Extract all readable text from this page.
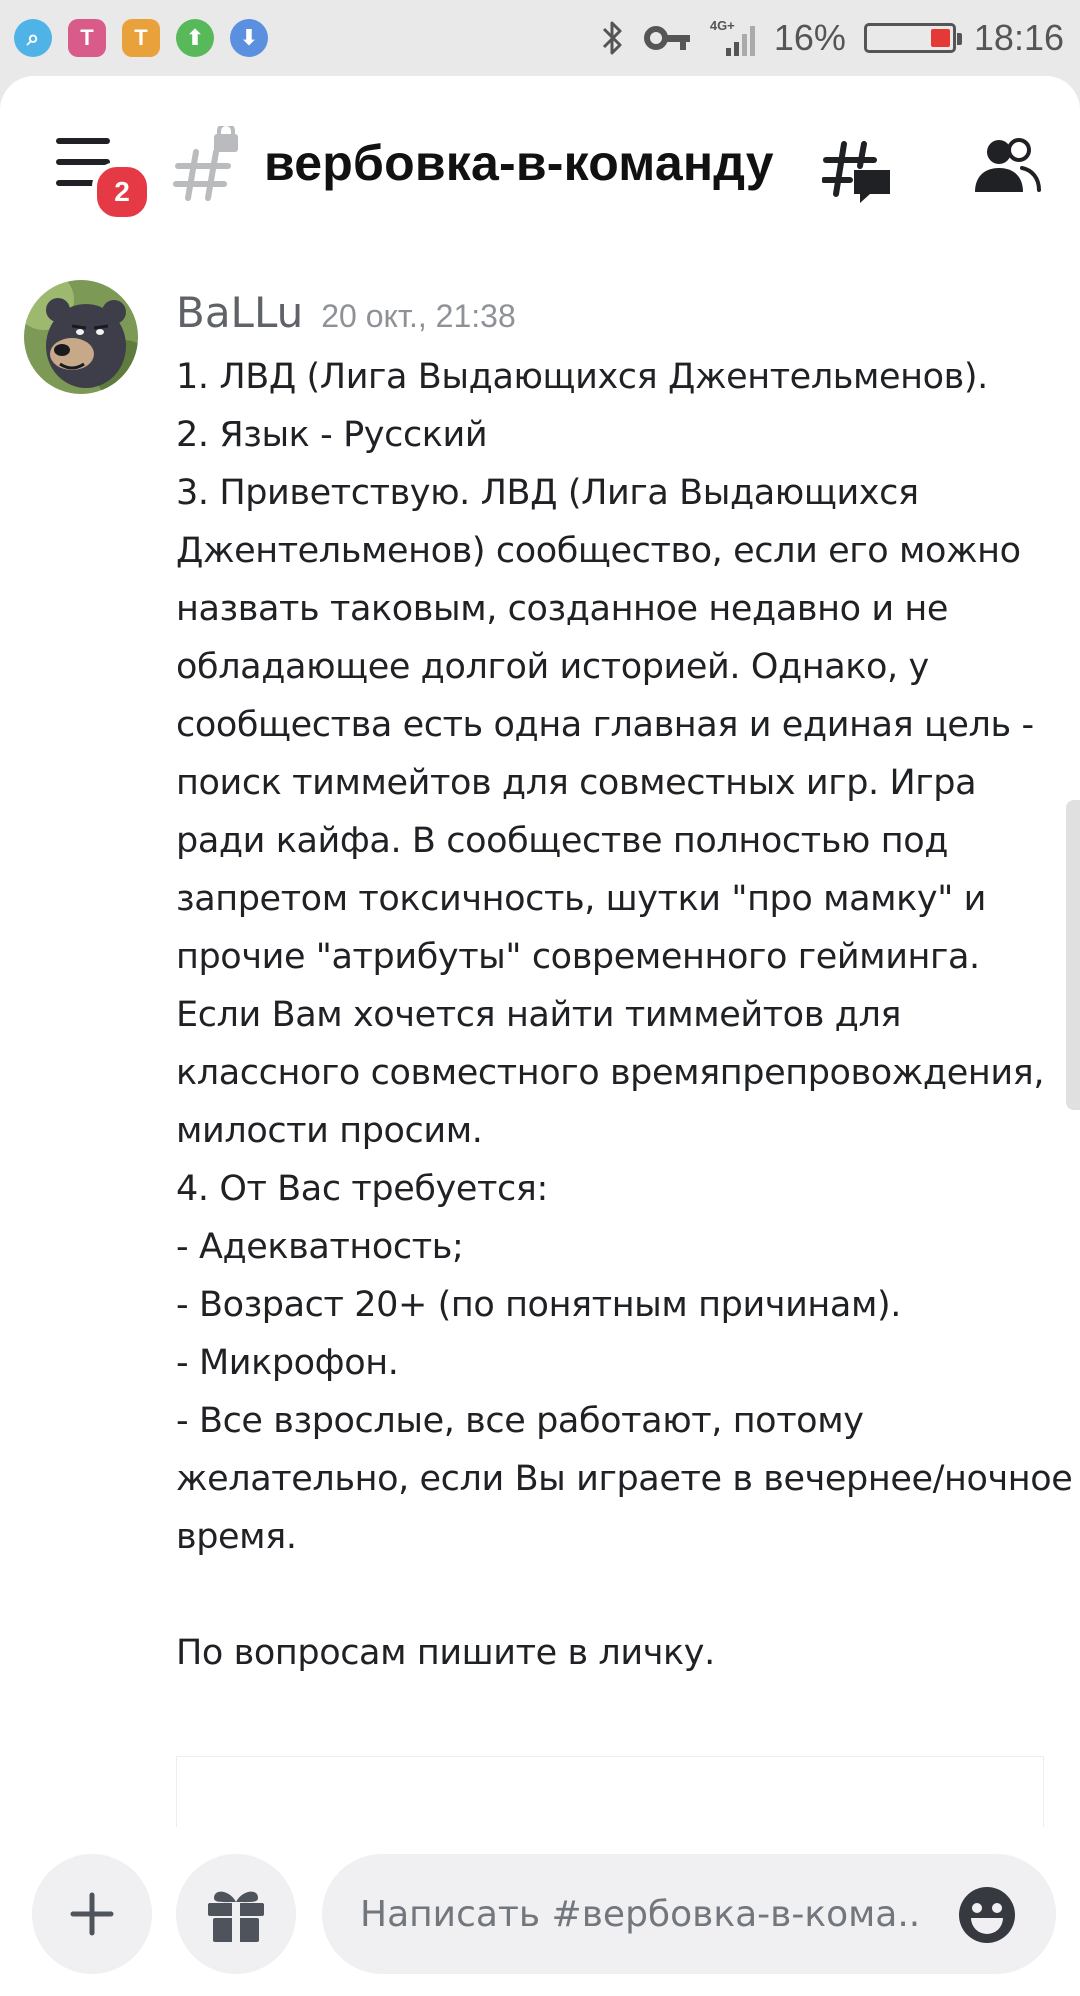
⌕	T	T	⬆	⬇	4G+ 16%	18:16
2
вербовка-в-команду
BaLLu 20 окт., 21:38
1. ЛВД (Лига Выдающихся Джентельменов).
2. Язык - Русский
3. Приветствую. ЛВД (Лига Выдающихся
Джентельменов) сообщество, если его можно
назвать таковым, созданное недавно и не
обладающее долгой историей. Однако, у
сообщества есть одна главная и единая цель -
поиск тиммейтов для совместных игр. Игра
ради кайфа. В сообществе полностью под
запретом токсичность, шутки "про мамку" и
прочие "атрибуты" современного гейминга.
Если Вам хочется найти тиммейтов для
классного совместного времяпрепровождения,
милости просим.
4. От Вас требуется:
- Адекватность;
- Возраст 20+ (по понятным причинам).
- Микрофон.
- Все взрослые, все работают, потому
желательно, если Вы играете в вечернее/ночное
время.
По вопросам пишите в личку.
Написать #вербовка-в-кома...
